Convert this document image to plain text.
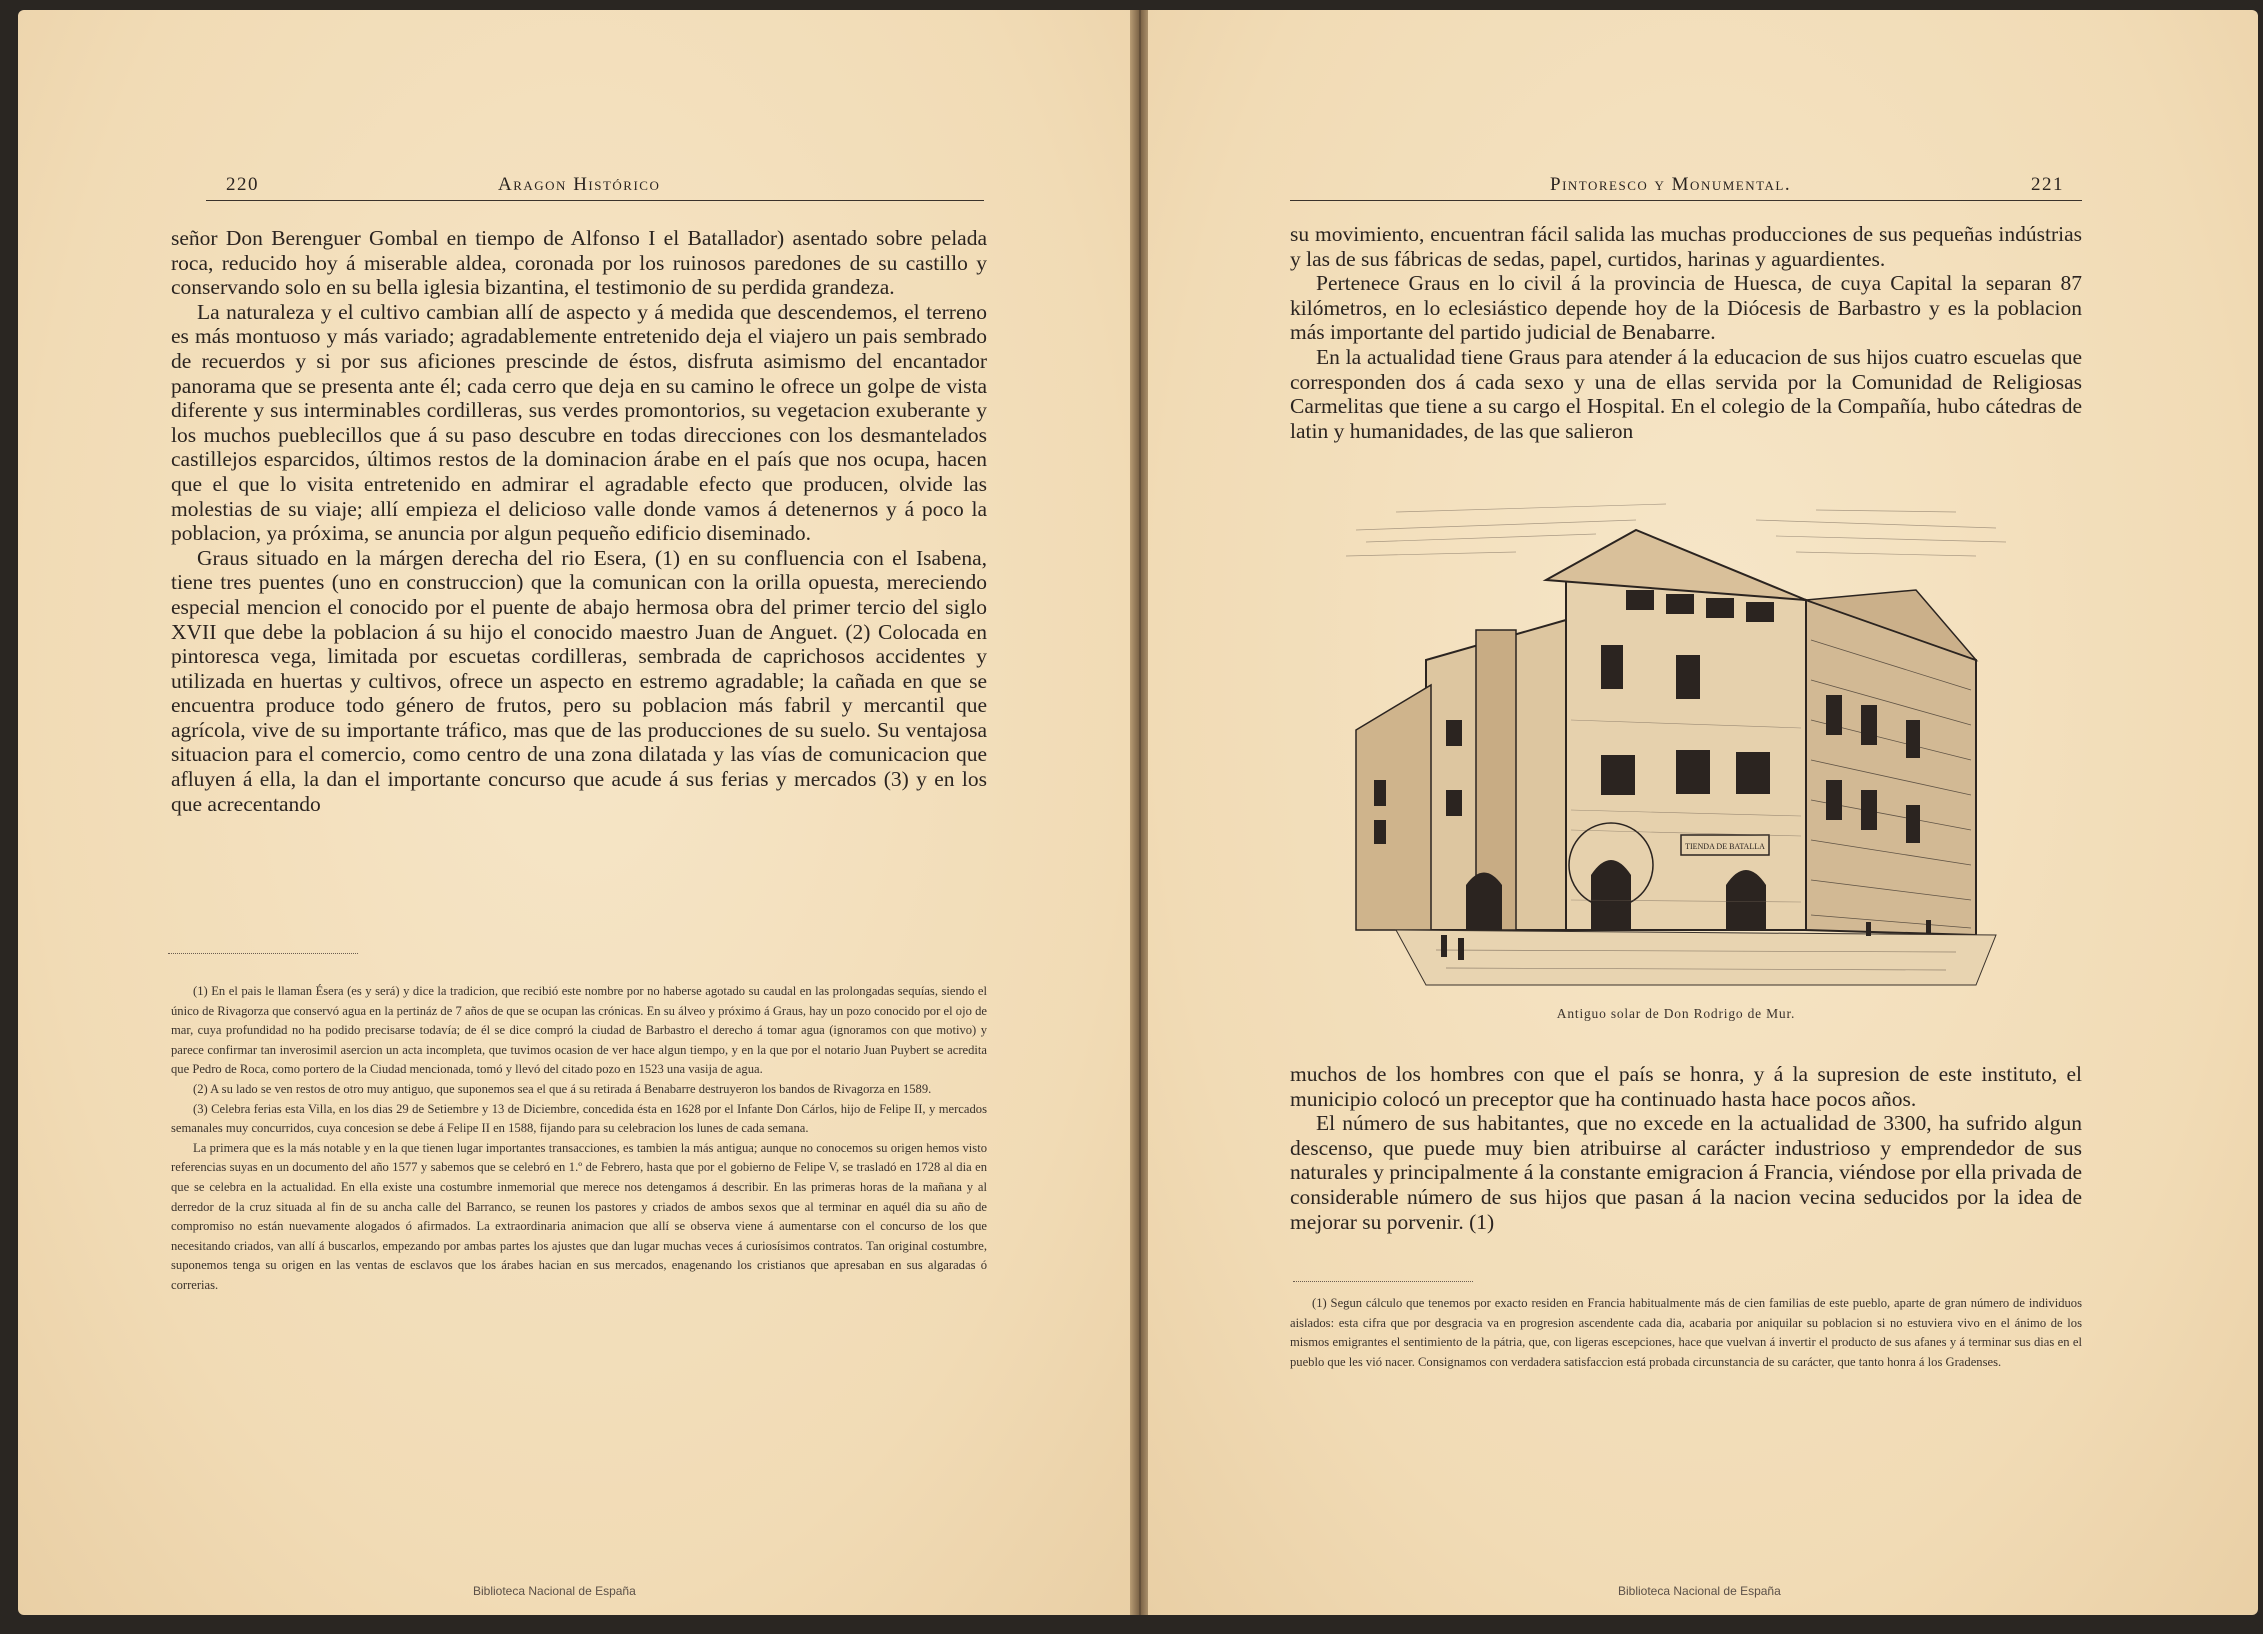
220	Aragon Histórico

señor Don Berenguer Gombal en tiempo de Alfonso I el Batallador) asentado sobre pelada roca, reducido hoy á miserable aldea, coronada por los ruinosos paredones de su castillo y conservando solo en su bella iglesia bizantina, el testimonio de su perdida grandeza.

La naturaleza y el cultivo cambian allí de aspecto y á medida que descendemos, el terreno es más montuoso y más variado; agradablemente entretenido deja el viajero un pais sembrado de recuerdos y si por sus aficiones prescinde de éstos, disfruta asimismo del encantador panorama que se presenta ante él; cada cerro que deja en su camino le ofrece un golpe de vista diferente y sus interminables cordilleras, sus verdes promontorios, su vegetacion exuberante y los muchos pueblecillos que á su paso descubre en todas direcciones con los desmantelados castillejos esparcidos, últimos restos de la dominacion árabe en el país que nos ocupa, hacen que el que lo visita entretenido en admirar el agradable efecto que producen, olvide las molestias de su viaje; allí empieza el delicioso valle donde vamos á detenernos y á poco la poblacion, ya próxima, se anuncia por algun pequeño edificio diseminado.

Graus situado en la márgen derecha del rio Esera, (1) en su confluencia con el Isabena, tiene tres puentes (uno en construccion) que la comunican con la orilla opuesta, mereciendo especial mencion el conocido por el puente de abajo hermosa obra del primer tercio del siglo XVII que debe la poblacion á su hijo el conocido maestro Juan de Anguet. (2) Colocada en pintoresca vega, limitada por escuetas cordilleras, sembrada de caprichosos accidentes y utilizada en huertas y cultivos, ofrece un aspecto en estremo agradable; la cañada en que se encuentra produce todo género de frutos, pero su poblacion más fabril y mercantil que agrícola, vive de su importante tráfico, mas que de las producciones de su suelo. Su ventajosa situacion para el comercio, como centro de una zona dilatada y las vías de comunicacion que afluyen á ella, la dan el importante concurso que acude á sus ferias y mercados (3) y en los que acrecentando

(1) En el pais le llaman Ésera (es y será) y dice la tradicion, que recibió este nombre por no haberse agotado su caudal en las prolongadas sequías, siendo el único de Rivagorza que conservó agua en la pertináz de 7 años de que se ocupan las crónicas. En su álveo y próximo á Graus, hay un pozo conocido por el ojo de mar, cuya profundidad no ha podido precisarse todavía; de él se dice compró la ciudad de Barbastro el derecho á tomar agua (ignoramos con que motivo) y parece confirmar tan inverosimil asercion un acta incompleta, que tuvimos ocasion de ver hace algun tiempo, y en la que por el notario Juan Puybert se acredita que Pedro de Roca, como portero de la Ciudad mencionada, tomó y llevó del citado pozo en 1523 una vasija de agua.

(2) A su lado se ven restos de otro muy antiguo, que suponemos sea el que á su retirada á Benabarre destruyeron los bandos de Rivagorza en 1589.

(3) Celebra ferias esta Villa, en los dias 29 de Setiembre y 13 de Diciembre, concedida ésta en 1628 por el Infante Don Cárlos, hijo de Felipe II, y mercados semanales muy concurridos, cuya concesion se debe á Felipe II en 1588, fijando para su celebracion los lunes de cada semana.

La primera que es la más notable y en la que tienen lugar importantes transacciones, es tambien la más antigua; aunque no conocemos su origen hemos visto referencias suyas en un documento del año 1577 y sabemos que se celebró en 1.º de Febrero, hasta que por el gobierno de Felipe V, se trasladó en 1728 al dia en que se celebra en la actualidad. En ella existe una costumbre inmemorial que merece nos detengamos á describir. En las primeras horas de la mañana y al derredor de la cruz situada al fin de su ancha calle del Barranco, se reunen los pastores y criados de ambos sexos que al terminar en aquél dia su año de compromiso no están nuevamente alogados ó afirmados. La extraordinaria animacion que allí se observa viene á aumentarse con el concurso de los que necesitando criados, van allí á buscarlos, empezando por ambas partes los ajustes que dan lugar muchas veces á curiosísimos contratos. Tan original costumbre, suponemos tenga su origen en las ventas de esclavos que los árabes hacian en sus mercados, enagenando los cristianos que apresaban en sus algaradas ó correrias.

Biblioteca Nacional de España
Pintoresco y Monumental.	221

su movimiento, encuentran fácil salida las muchas producciones de sus pequeñas indústrias y las de sus fábricas de sedas, papel, curtidos, harinas y aguardientes.

Pertenece Graus en lo civil á la provincia de Huesca, de cuya Capital la separan 87 kilómetros, en lo eclesiástico depende hoy de la Diócesis de Barbastro y es la poblacion más importante del partido judicial de Benabarre.

En la actualidad tiene Graus para atender á la educacion de sus hijos cuatro escuelas que corresponden dos á cada sexo y una de ellas servida por la Comunidad de Religiosas Carmelitas que tiene a su cargo el Hospital. En el colegio de la Compañía, hubo cátedras de latin y humanidades, de las que salieron

TIENDA DE BATALLA
Antiguo solar de Don Rodrigo de Mur.

muchos de los hombres con que el país se honra, y á la supresion de este instituto, el municipio colocó un preceptor que ha continuado hasta hace pocos años.

El número de sus habitantes, que no excede en la actualidad de 3300, ha sufrido algun descenso, que puede muy bien atribuirse al carácter industrioso y emprendedor de sus naturales y principalmente á la constante emigracion á Francia, viéndose por ella privada de considerable número de sus hijos que pasan á la nacion vecina seducidos por la idea de mejorar su porvenir. (1)

(1) Segun cálculo que tenemos por exacto residen en Francia habitualmente más de cien familias de este pueblo, aparte de gran número de individuos aislados: esta cifra que por desgracia va en progresion ascendente cada dia, acabaria por aniquilar su poblacion si no estuviera vivo en el ánimo de los mismos emigrantes el sentimiento de la pátria, que, con ligeras escepciones, hace que vuelvan á invertir el producto de sus afanes y á terminar sus dias en el pueblo que les vió nacer. Consignamos con verdadera satisfaccion está probada circunstancia de su carácter, que tanto honra á los Gradenses.

Biblioteca Nacional de España
